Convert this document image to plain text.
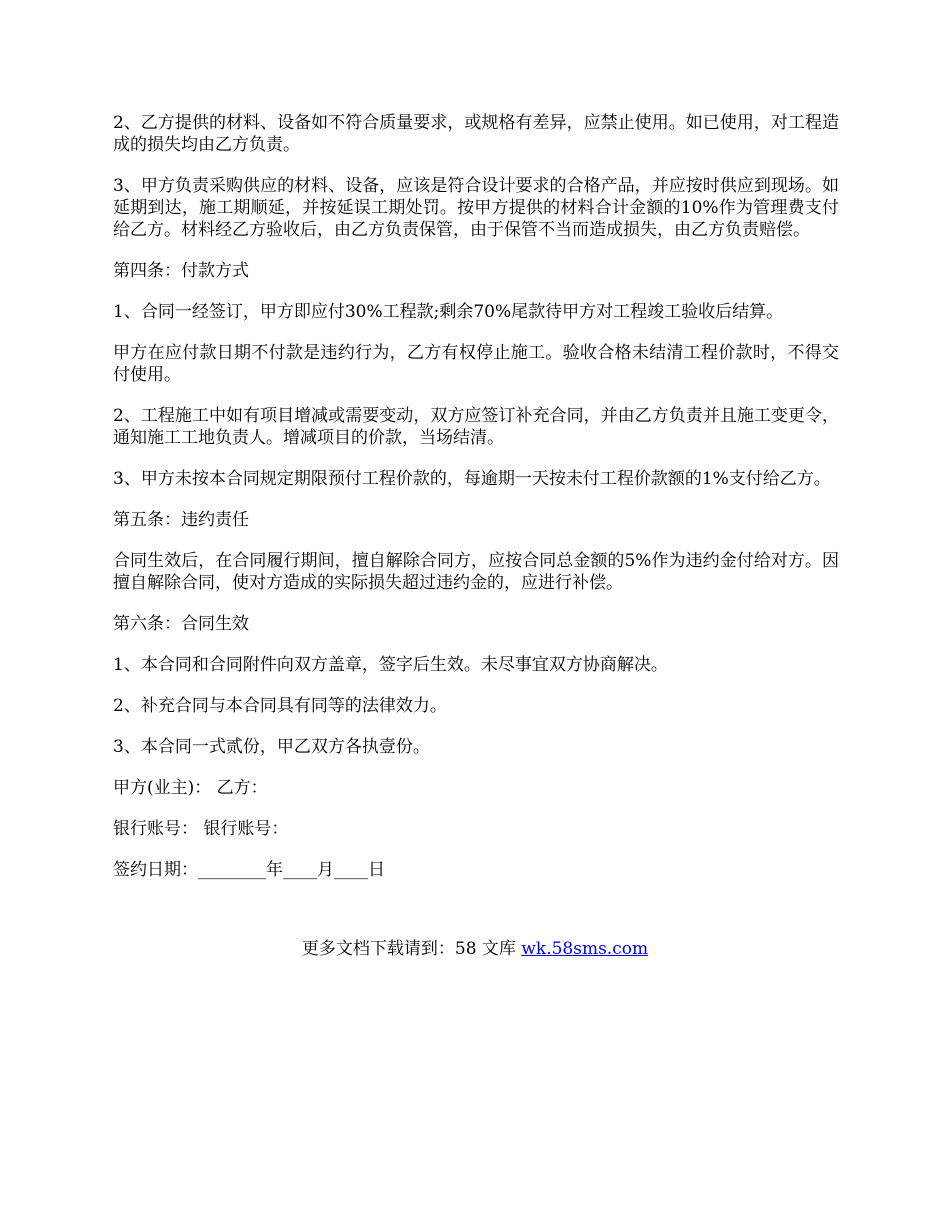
2、乙方提供的材料、设备如不符合质量要求，或规格有差异，应禁止使用。如已使用，对工程造成的损失均由乙方负责。

3、甲方负责采购供应的材料、设备，应该是符合设计要求的合格产品，并应按时供应到现场。如延期到达，施工期顺延，并按延误工期处罚。按甲方提供的材料合计金额的10%作为管理费支付给乙方。材料经乙方验收后，由乙方负责保管，由于保管不当而造成损失，由乙方负责赔偿。

第四条：付款方式

1、合同一经签订，甲方即应付30%工程款;剩余70%尾款待甲方对工程竣工验收后结算。

甲方在应付款日期不付款是违约行为，乙方有权停止施工。验收合格未结清工程价款时，不得交付使用。

2、工程施工中如有项目增减或需要变动，双方应签订补充合同，并由乙方负责并且施工变更令，通知施工工地负责人。增减项目的价款，当场结清。

3、甲方未按本合同规定期限预付工程价款的，每逾期一天按未付工程价款额的1%支付给乙方。

第五条：违约责任

合同生效后，在合同履行期间，擅自解除合同方，应按合同总金额的5%作为违约金付给对方。因擅自解除合同，使对方造成的实际损失超过违约金的，应进行补偿。

第六条：合同生效

1、本合同和合同附件向双方盖章，签字后生效。未尽事宜双方协商解决。

2、补充合同与本合同具有同等的法律效力。

3、本合同一式贰份，甲乙双方各执壹份。

甲方(业主)： 乙方：

银行账号： 银行账号：

签约日期：________年____月____日

更多文档下载请到：58 文库 wk.58sms.com
